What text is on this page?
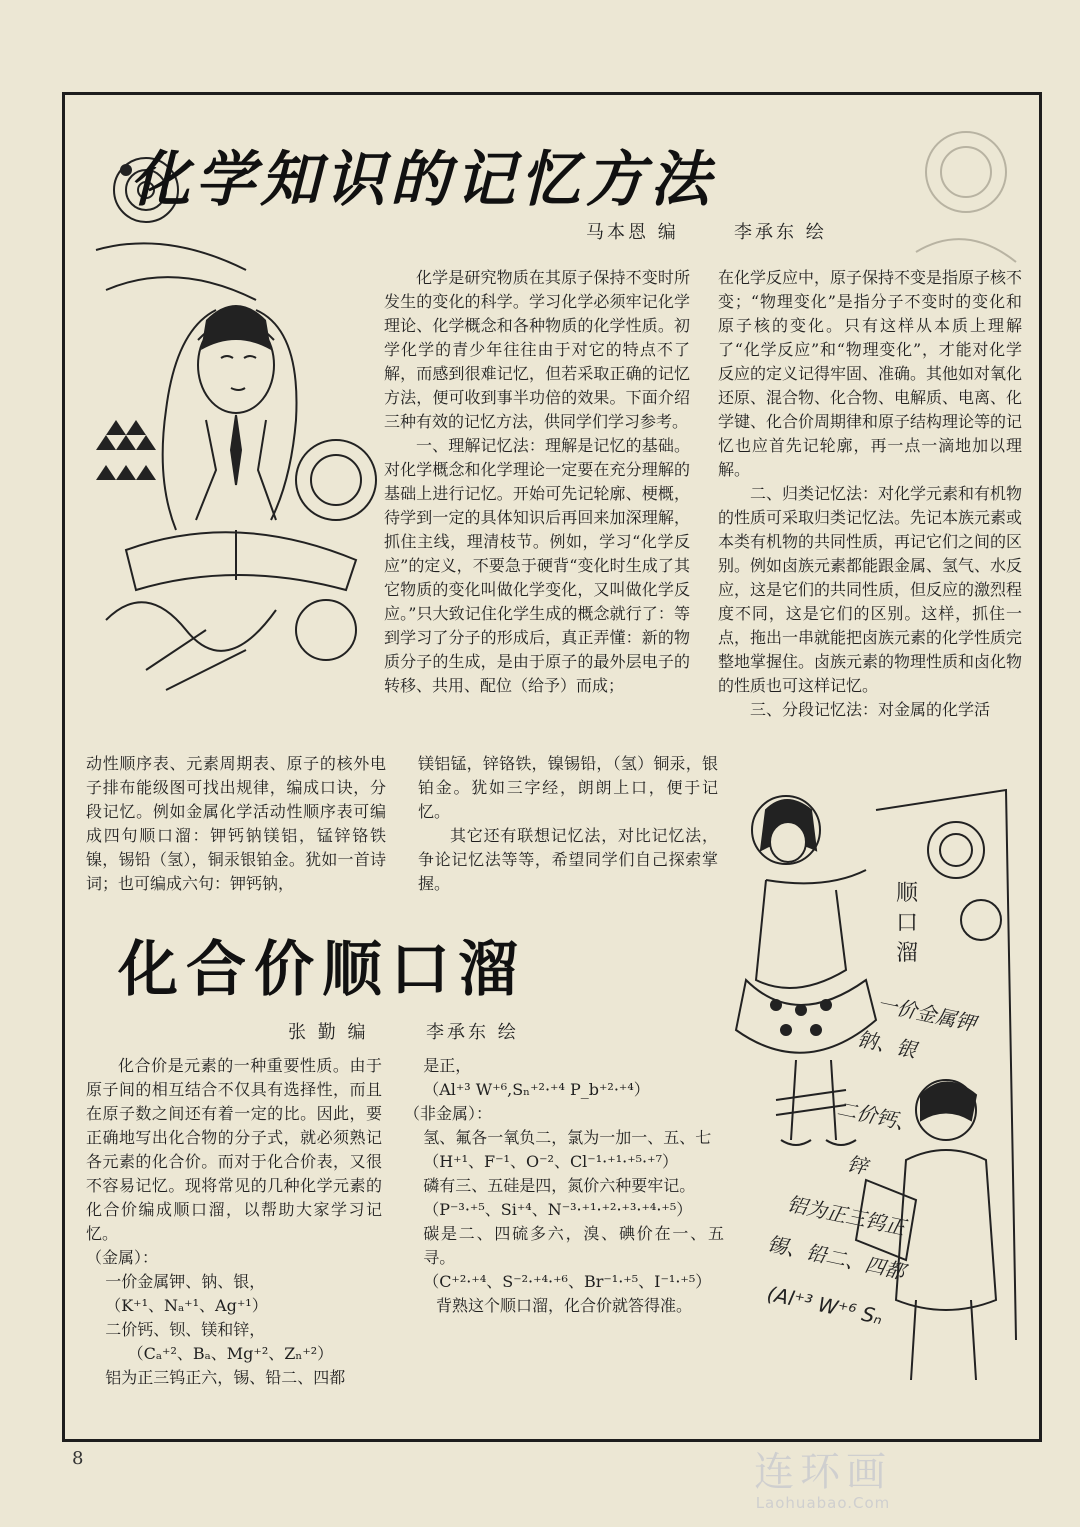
化学知识的记忆方法
马本恩 编	李承东 绘

化学是研究物质在其原子保持不变时所发生的变化的科学。学习化学必须牢记化学理论、化学概念和各种物质的化学性质。初学化学的青少年往往由于对它的特点不了解，而感到很难记忆，但若采取正确的记忆方法，便可收到事半功倍的效果。下面介绍三种有效的记忆方法，供同学们学习参考。

一、理解记忆法：理解是记忆的基础。对化学概念和化学理论一定要在充分理解的基础上进行记忆。开始可先记轮廓、梗概，待学到一定的具体知识后再回来加深理解，抓住主线，理清枝节。例如，学习“化学反应”的定义，不要急于硬背“变化时生成了其它物质的变化叫做化学变化，又叫做化学反应。”只大致记住化学生成的概念就行了：等到学习了分子的形成后，真正弄懂：新的物质分子的生成，是由于原子的最外层电子的转移、共用、配位（给予）而成；

在化学反应中，原子保持不变是指原子核不变；“物理变化”是指分子不变时的变化和原子核的变化。只有这样从本质上理解了“化学反应”和“物理变化”，才能对化学反应的定义记得牢固、准确。其他如对氧化还原、混合物、化合物、电解质、电离、化学键、化合价周期律和原子结构理论等的记忆也应首先记轮廓，再一点一滴地加以理解。

二、归类记忆法：对化学元素和有机物的性质可采取归类记忆法。先记本族元素或本类有机物的共同性质，再记它们之间的区别。例如卤族元素都能跟金属、氢气、水反应，这是它们的共同性质，但反应的激烈程度不同，这是它们的区别。这样，抓住一点，拖出一串就能把卤族元素的化学性质完整地掌握住。卤族元素的物理性质和卤化物的性质也可这样记忆。

三、分段记忆法：对金属的化学活

动性顺序表、元素周期表、原子的核外电子排布能级图可找出规律，编成口诀，分段记忆。例如金属化学活动性顺序表可编成四句顺口溜：钾钙钠镁铝，锰锌铬铁镍，锡铅（氢），铜汞银铂金。犹如一首诗词；也可编成六句：钾钙钠，

镁铝锰，锌铬铁，镍锡铅，（氢）铜汞，银铂金。犹如三字经，朗朗上口，便于记忆。

其它还有联想记忆法，对比记忆法，争论记忆法等等，希望同学们自己探索掌握。	顺
口
溜
一价金属钾
钠、银
二价钙、
锌
铝为正三钨正
锡、铅二、四都
(Al⁺³ W⁺⁶ Sₙ
化合价顺口溜
张 勤 编	李承东 绘

化合价是元素的一种重要性质。由于原子间的相互结合不仅具有选择性，而且在原子数之间还有着一定的比。因此，要正确地写出化合物的分子式，就必须熟记各元素的化合价。而对于化合价表，又很不容易记忆。现将常见的几种化学元素的化合价编成顺口溜，以帮助大家学习记忆。

（金属）：

一价金属钾、钠、银，

（K⁺¹、Nₐ⁺¹、Ag⁺¹）

二价钙、钡、镁和锌，

（Cₐ⁺²、Bₐ、Mg⁺²、Zₙ⁺²）

铝为正三钨正六，锡、铅二、四都

是正，

（Al⁺³ W⁺⁶,Sₙ⁺²·⁺⁴ P_b⁺²·⁺⁴）

（非金属）：

氢、氟各一氧负二，氯为一加一、五、七

（H⁺¹、F⁻¹、O⁻²、Cl⁻¹·⁺¹·⁺⁵·⁺⁷）

磷有三、五硅是四，氮价六种要牢记。

（P⁻³·⁺⁵、Si⁺⁴、N⁻³·⁺¹·⁺²·⁺³·⁺⁴·⁺⁵）

碳是二、四硫多六，溴、碘价在一、五寻。

（C⁺²·⁺⁴、S⁻²·⁺⁴·⁺⁶、Br⁻¹·⁺⁵、I⁻¹·⁺⁵）

背熟这个顺口溜，化合价就答得准。

8	连环画
Laohuabao.Com
